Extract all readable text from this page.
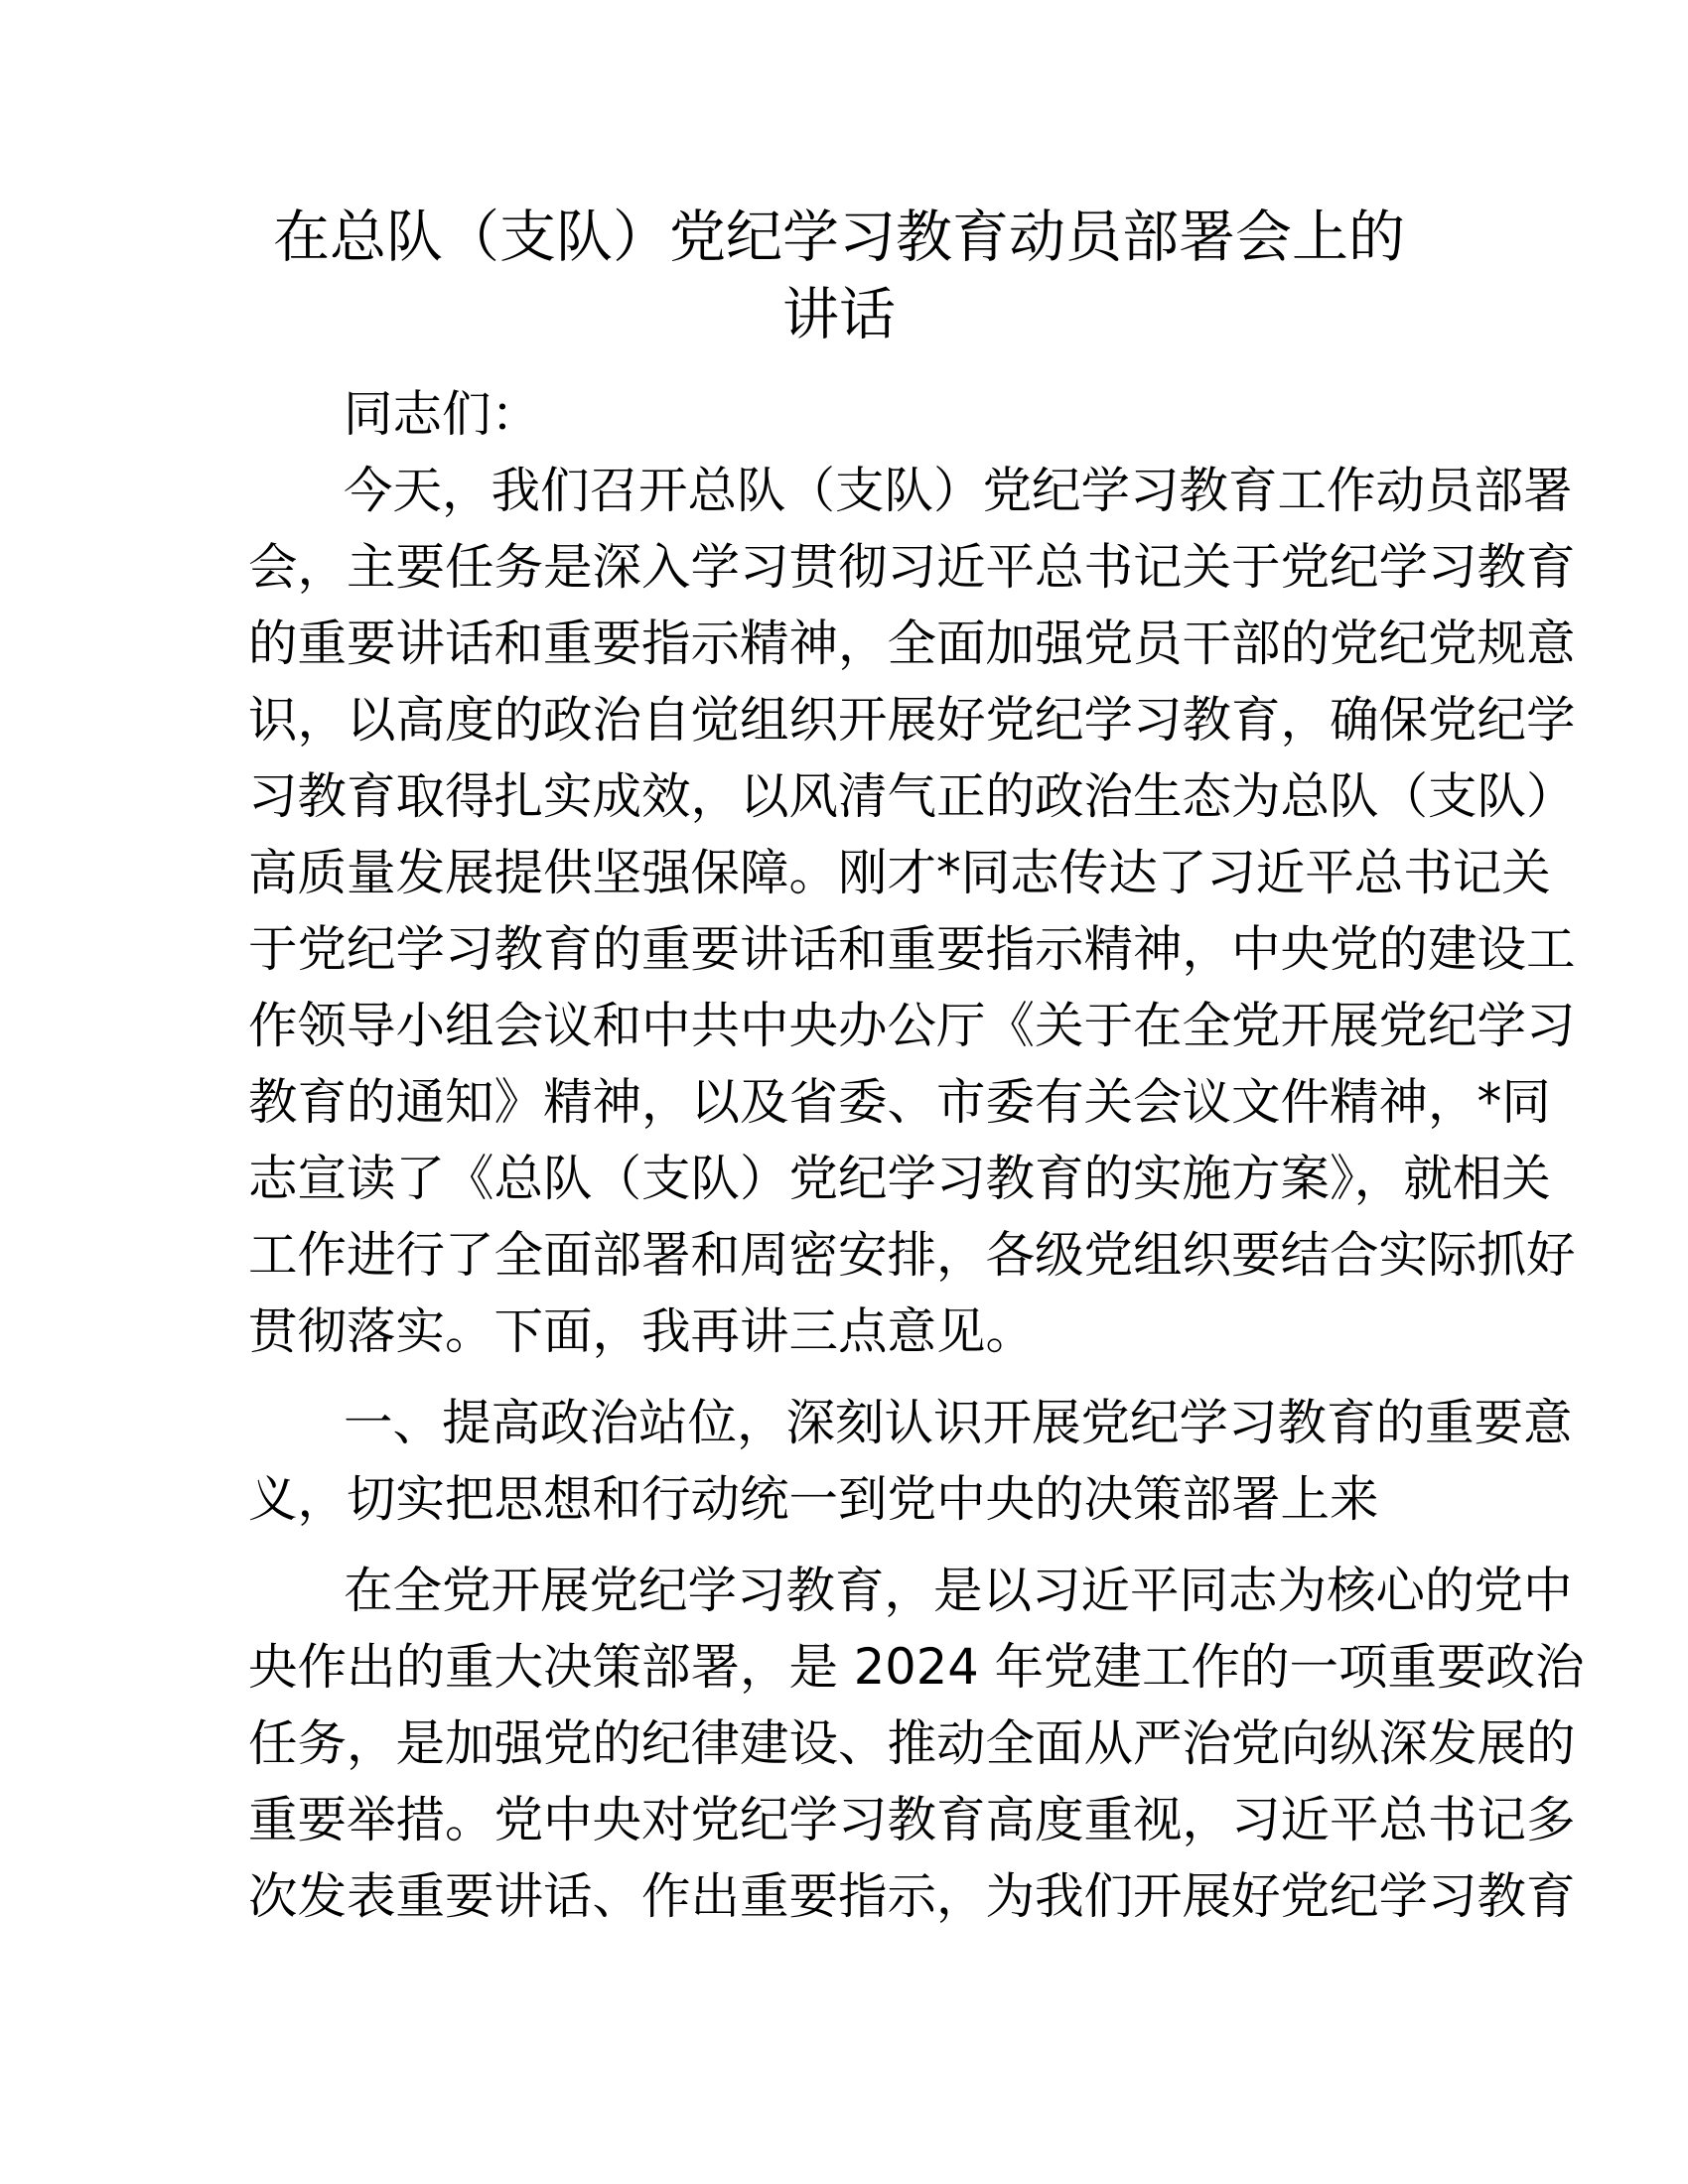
在总队（支队）党纪学习教育动员部署会上的
讲话
同志们：
今天，我们召开总队（支队）党纪学习教育工作动员部署
会，主要任务是深入学习贯彻习近平总书记关于党纪学习教育
的重要讲话和重要指示精神，全面加强党员干部的党纪党规意
识，以高度的政治自觉组织开展好党纪学习教育，确保党纪学
习教育取得扎实成效，以风清气正的政治生态为总队（支队）
高质量发展提供坚强保障。刚才*同志传达了习近平总书记关
于党纪学习教育的重要讲话和重要指示精神，中央党的建设工
作领导小组会议和中共中央办公厅《关于在全党开展党纪学习
教育的通知》精神，以及省委、市委有关会议文件精神，*同
志宣读了《总队（支队）党纪学习教育的实施方案》，就相关
工作进行了全面部署和周密安排，各级党组织要结合实际抓好
贯彻落实。下面，我再讲三点意见。
一、提高政治站位，深刻认识开展党纪学习教育的重要意
义，切实把思想和行动统一到党中央的决策部署上来
在全党开展党纪学习教育，是以习近平同志为核心的党中
央作出的重大决策部署，是 2024 年党建工作的一项重要政治
任务，是加强党的纪律建设、推动全面从严治党向纵深发展的
重要举措。党中央对党纪学习教育高度重视，习近平总书记多
次发表重要讲话、作出重要指示，为我们开展好党纪学习教育
